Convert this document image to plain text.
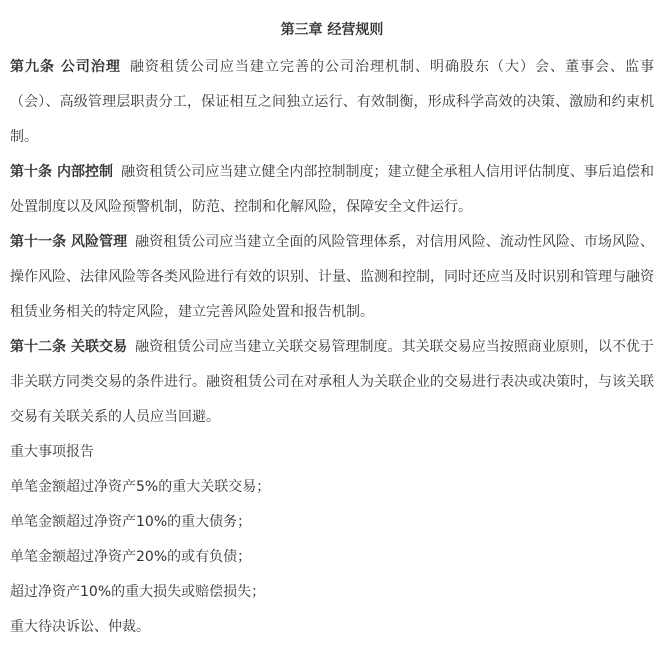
第三章 经营规则

第九条 公司治理 融资租赁公司应当建立完善的公司治理机制、明确股东（大）会、董事会、监事（会）、高级管理层职责分工，保证相互之间独立运行、有效制衡，形成科学高效的决策、激励和约束机制。

第十条 内部控制 融资租赁公司应当建立健全内部控制制度；建立健全承租人信用评估制度、事后追偿和处置制度以及风险预警机制，防范、控制和化解风险，保障安全文件运行。

第十一条 风险管理 融资租赁公司应当建立全面的风险管理体系，对信用风险、流动性风险、市场风险、操作风险、法律风险等各类风险进行有效的识别、计量、监测和控制，同时还应当及时识别和管理与融资租赁业务相关的特定风险，建立完善风险处置和报告机制。

第十二条 关联交易 融资租赁公司应当建立关联交易管理制度。其关联交易应当按照商业原则，以不优于非关联方同类交易的条件进行。融资租赁公司在对承租人为关联企业的交易进行表决或决策时，与该关联交易有关联关系的人员应当回避。

重大事项报告

单笔金额超过净资产5%的重大关联交易；

单笔金额超过净资产10%的重大债务；

单笔金额超过净资产20%的或有负债；

超过净资产10%的重大损失或赔偿损失；

重大待决诉讼、仲裁。
